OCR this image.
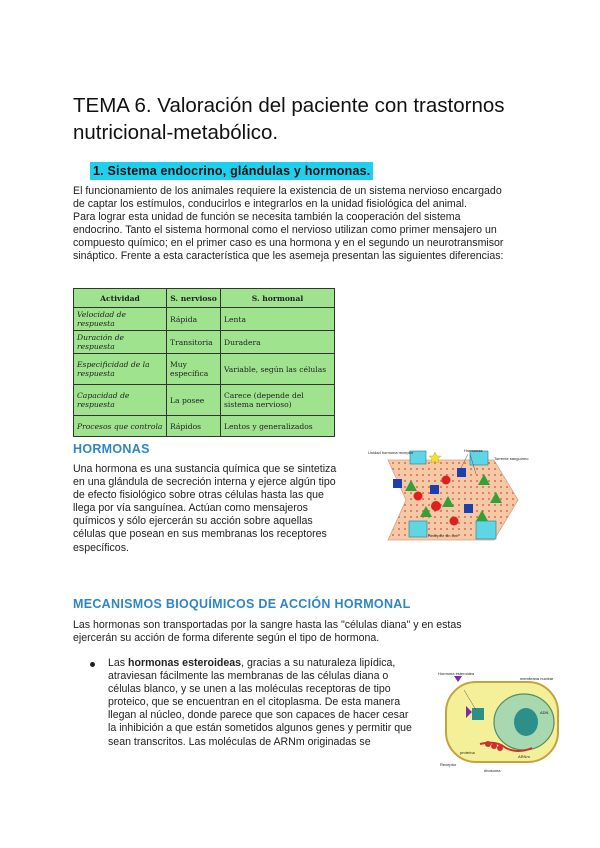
TEMA 6. Valoración del paciente con trastornos
nutricional-metabólico.
1. Sistema endocrino, glándulas y hormonas.
El funcionamiento de los animales requiere la existencia de un sistema nervioso encargado
de captar los estímulos, conducirlos e integrarlos en la unidad fisiológica del animal.
Para lograr esta unidad de función se necesita también la cooperación del sistema
endocrino. Tanto el sistema hormonal como el nervioso utilizan como primer mensajero un
compuesto químico; en el primer caso es una hormona y en el segundo un neurotransmisor
sináptico. Frente a esta característica que les asemeja presentan las siguientes diferencias:
Actividad	S. nervioso	S. hormonal
Velocidad de respuesta	Rápida	Lenta
Duración de respuesta	Transitoria	Duradera
Especificidad de la respuesta	Muy específica	Variable, según las células
Capacidad de respuesta	La posee	Carece (depende del sistema nervioso)
Procesos que controla	Rápidos	Lentos y generalizados
HORMONAS
Una hormona es una sustancia química que se sintetiza
en una glándula de secreción interna y ejerce algún tipo
de efecto fisiológico sobre otras células hasta las que
llega por vía sanguínea. Actúan como mensajeros
químicos y sólo ejercerán su acción sobre aquellas
células que posean en sus membranas los receptores
específicos.
Unidad hormona receptor	Hormonas
Torrente sanguíneo
Receptor sin unir
MECANISMOS BIOQUÍMICOS DE ACCIÓN HORMONAL
Las hormonas son transportadas por la sangre hasta las "células diana" y en estas
ejercerán su acción de forma diferente según el tipo de hormona.
Las hormonas esteroideas, gracias a su naturaleza lipídica,
atraviesan fácilmente las membranas de las células diana o
células blanco, y se unen a las moléculas receptoras de tipo
proteico, que se encuentran en el citoplasma. De esta manera
llegan al núcleo, donde parece que son capaces de hacer cesar
la inhibición a que están sometidos algunos genes y permitir que
sean transcritos. Las moléculas de ARNm originadas se
Hormona esteroidea
membrana nuclear
Receptor
proteína
ribosoma
ADN
ARNm
